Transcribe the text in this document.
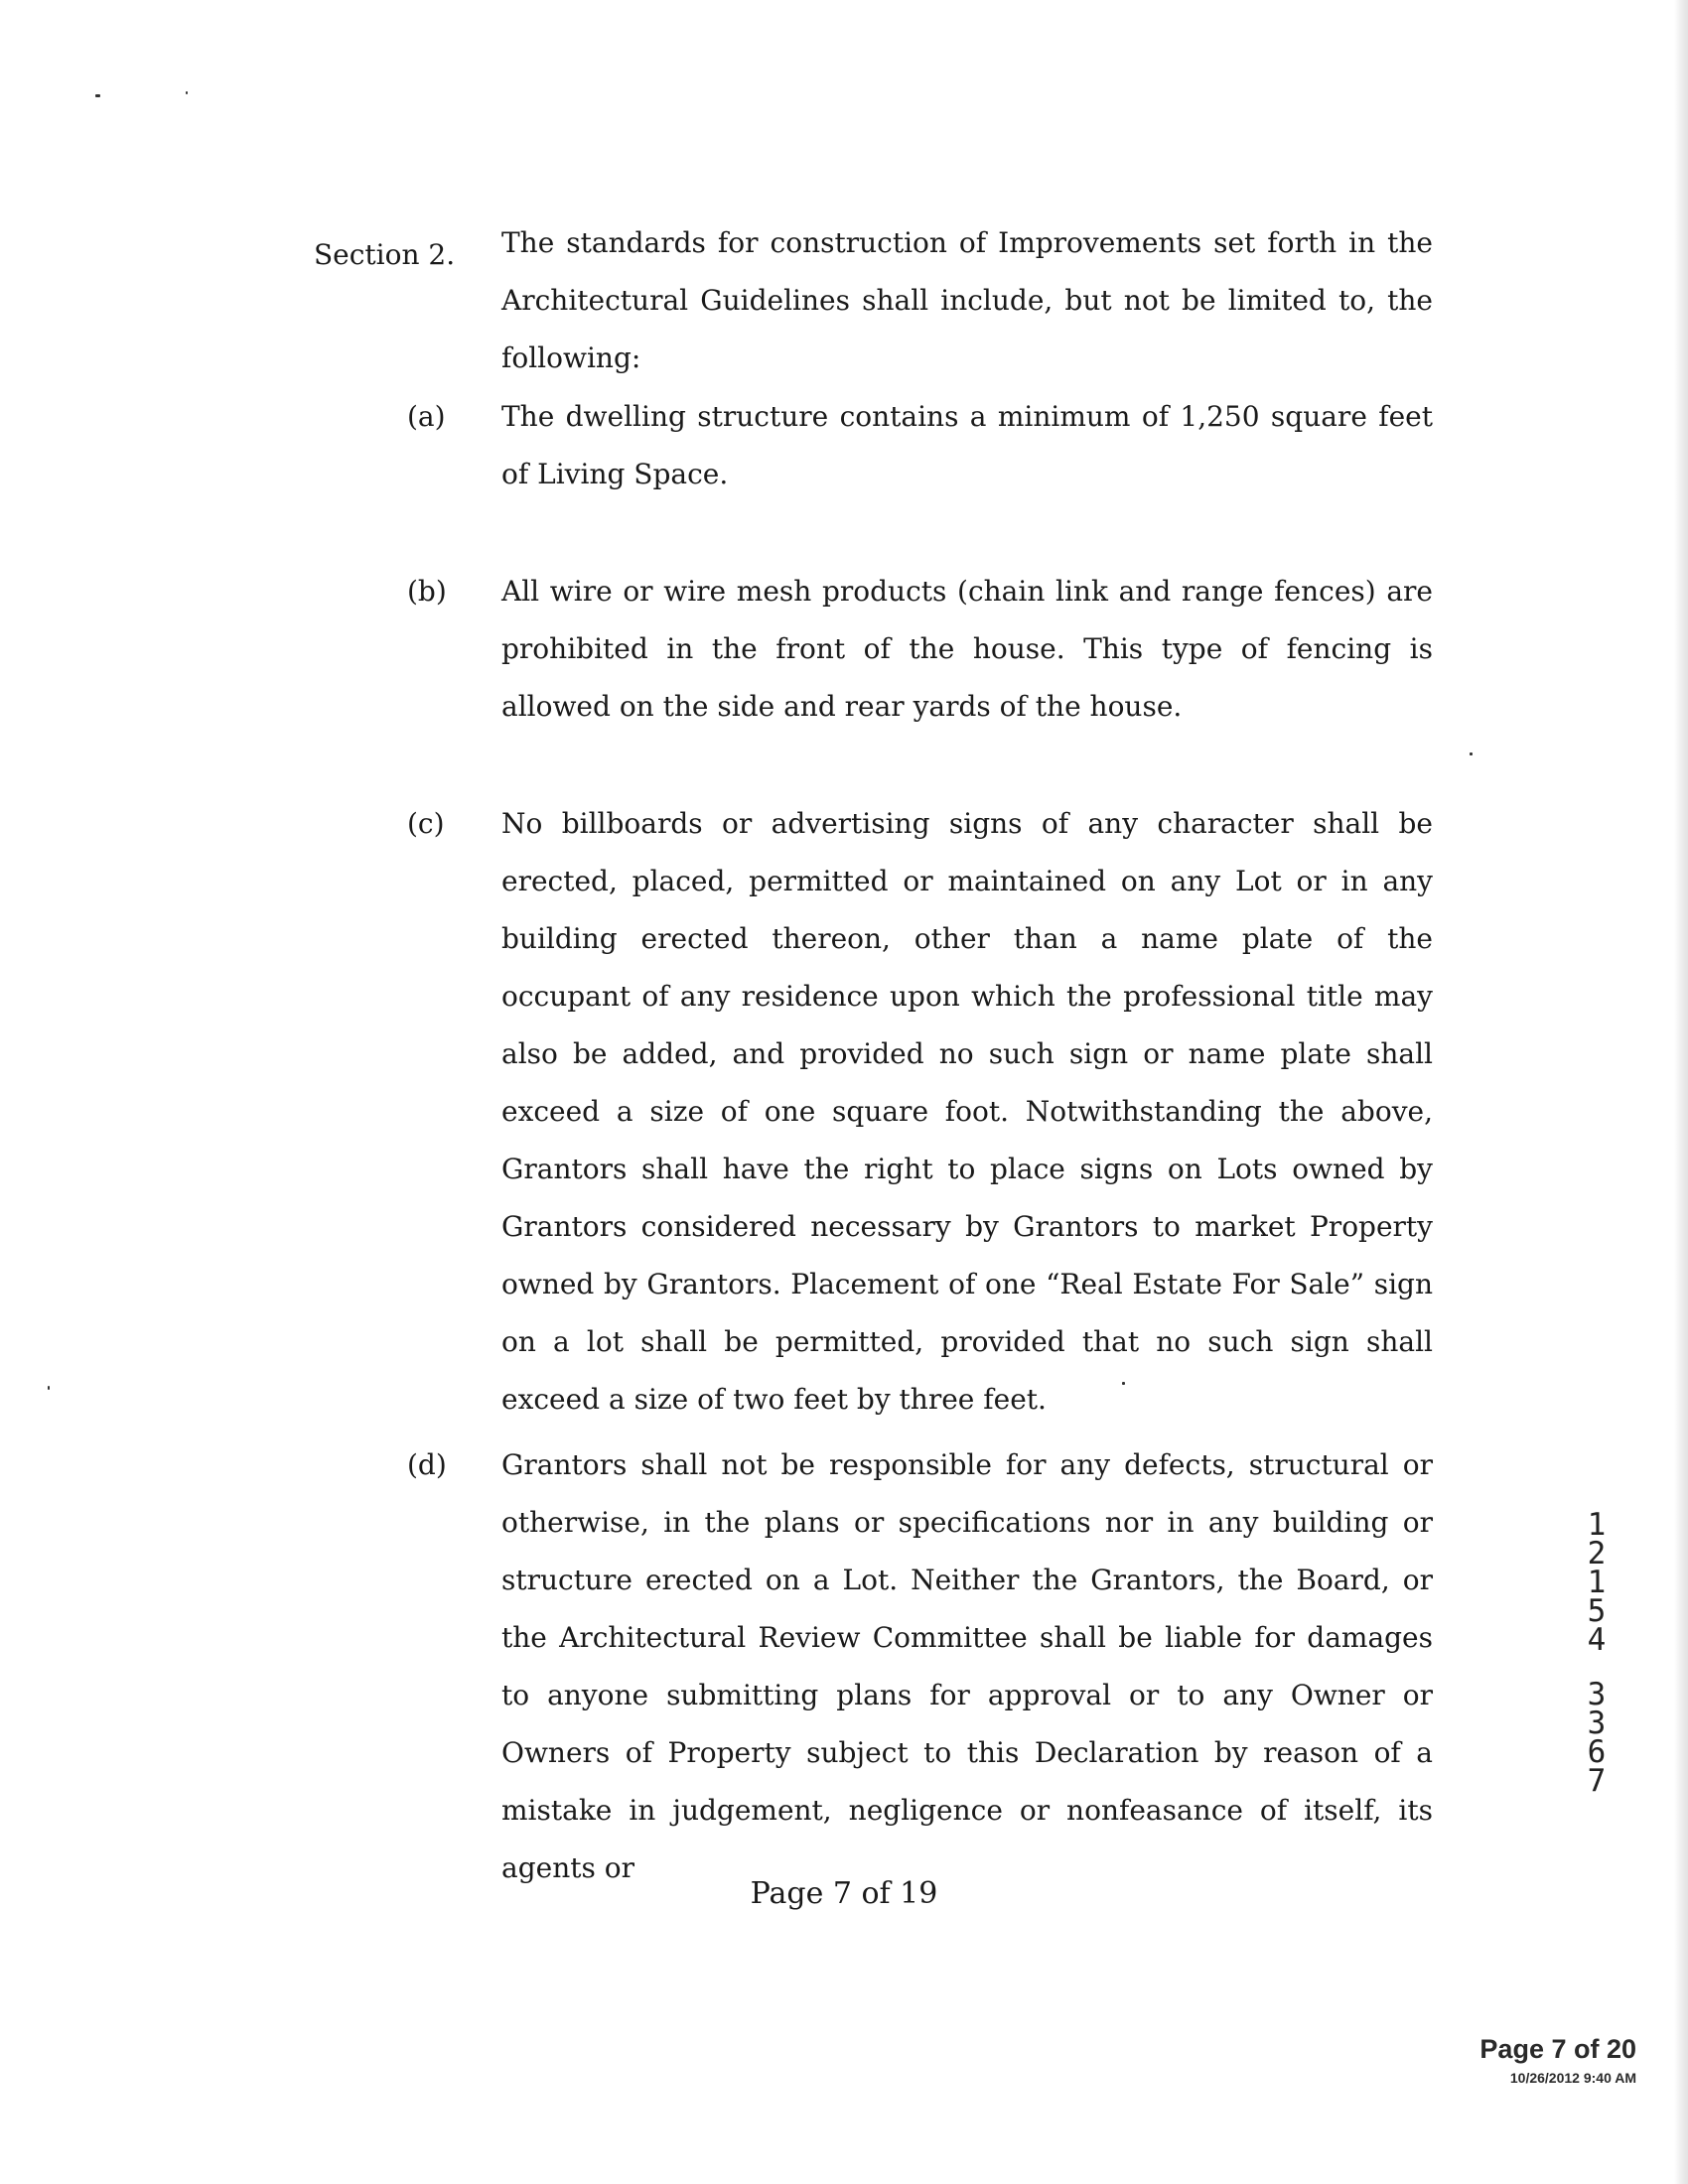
Section 2. The standards for construction of Improvements set forth in the Architectural Guidelines shall include, but not be limited to, the following:

(a) The dwelling structure contains a minimum of 1,250 square feet of Living Space.

(b) All wire or wire mesh products (chain link and range fences) are prohibited in the front of the house. This type of fencing is allowed on the side and rear yards of the house.

(c) No billboards or advertising signs of any character shall be erected, placed, permitted or maintained on any Lot or in any building erected thereon, other than a name plate of the occupant of any residence upon which the professional title may also be added, and provided no such sign or name plate shall exceed a size of one square foot. Notwithstanding the above, Grantors shall have the right to place signs on Lots owned by Grantors considered necessary by Grantors to market Property owned by Grantors. Placement of one “Real Estate For Sale” sign on a lot shall be permitted, provided that no such sign shall exceed a size of two feet by three feet.

(d) Grantors shall not be responsible for any defects, structural or otherwise, in the plans or specifications nor in any building or structure erected on a Lot. Neither the Grantors, the Board, or the Architectural Review Committee shall be liable for damages to anyone submitting plans for approval or to any Owner or Owners of Property subject to this Declaration by reason of a mistake in judgement, negligence or nonfeasance of itself, its agents or

Page 7 of 19
1
2
1
5
4
3
3
6
7
Page 7 of 20
10/26/2012 9:40 AM
